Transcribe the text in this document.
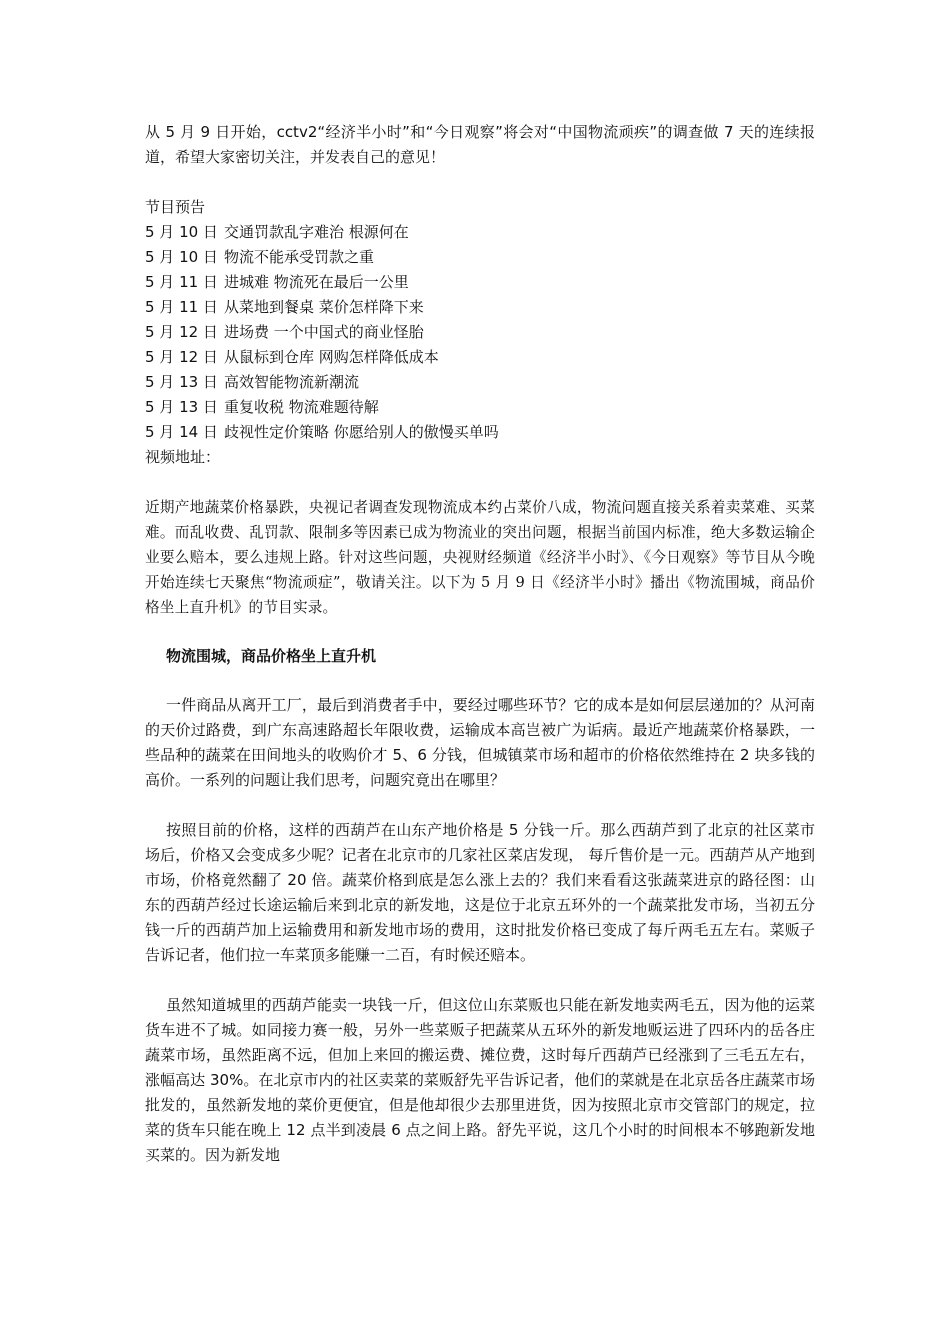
从 5 月 9 日开始，cctv2“经济半小时”和“今日观察”将会对“中国物流顽疾”的调查做 7 天的连续报道，希望大家密切关注，并发表自己的意见！

节目预告

5 月 10 日 交通罚款乱字难治 根源何在
5 月 10 日 物流不能承受罚款之重
5 月 11 日 进城难 物流死在最后一公里
5 月 11 日 从菜地到餐桌 菜价怎样降下来
5 月 12 日 进场费 一个中国式的商业怪胎
5 月 12 日 从鼠标到仓库 网购怎样降低成本
5 月 13 日 高效智能物流新潮流
5 月 13 日 重复收税 物流难题待解
5 月 14 日 歧视性定价策略 你愿给别人的傲慢买单吗

视频地址：

近期产地蔬菜价格暴跌，央视记者调查发现物流成本约占菜价八成，物流问题直接关系着卖菜难、买菜难。而乱收费、乱罚款、限制多等因素已成为物流业的突出问题，根据当前国内标准，绝大多数运输企业要么赔本，要么违规上路。针对这些问题，央视财经频道《经济半小时》、《今日观察》等节目从今晚开始连续七天聚焦“物流顽症”，敬请关注。以下为 5 月 9 日《经济半小时》播出《物流围城，商品价格坐上直升机》的节目实录。

物流围城，商品价格坐上直升机

一件商品从离开工厂，最后到消费者手中，要经过哪些环节？它的成本是如何层层递加的？从河南的天价过路费，到广东高速路超长年限收费，运输成本高岂被广为诟病。最近产地蔬菜价格暴跌，一些品种的蔬菜在田间地头的收购价才 5、6 分钱，但城镇菜市场和超市的价格依然维持在 2 块多钱的高价。一系列的问题让我们思考，问题究竟出在哪里？

按照目前的价格，这样的西葫芦在山东产地价格是 5 分钱一斤。那么西葫芦到了北京的社区菜市场后，价格又会变成多少呢？记者在北京市的几家社区菜店发现， 每斤售价是一元。西葫芦从产地到市场，价格竟然翻了 20 倍。蔬菜价格到底是怎么涨上去的？我们来看看这张蔬菜进京的路径图：山东的西葫芦经过长途运输后来到北京的新发地，这是位于北京五环外的一个蔬菜批发市场，当初五分钱一斤的西葫芦加上运输费用和新发地市场的费用，这时批发价格已变成了每斤两毛五左右。菜贩子告诉记者，他们拉一车菜顶多能赚一二百，有时候还赔本。

虽然知道城里的西葫芦能卖一块钱一斤，但这位山东菜贩也只能在新发地卖两毛五，因为他的运菜货车进不了城。如同接力赛一般，另外一些菜贩子把蔬菜从五环外的新发地贩运进了四环内的岳各庄蔬菜市场，虽然距离不远，但加上来回的搬运费、摊位费，这时每斤西葫芦已经涨到了三毛五左右，涨幅高达 30%。在北京市内的社区卖菜的菜贩舒先平告诉记者，他们的菜就是在北京岳各庄蔬菜市场批发的，虽然新发地的菜价更便宜，但是他却很少去那里进货，因为按照北京市交管部门的规定，拉菜的货车只能在晚上 12 点半到凌晨 6 点之间上路。舒先平说，这几个小时的时间根本不够跑新发地买菜的。因为新发地
